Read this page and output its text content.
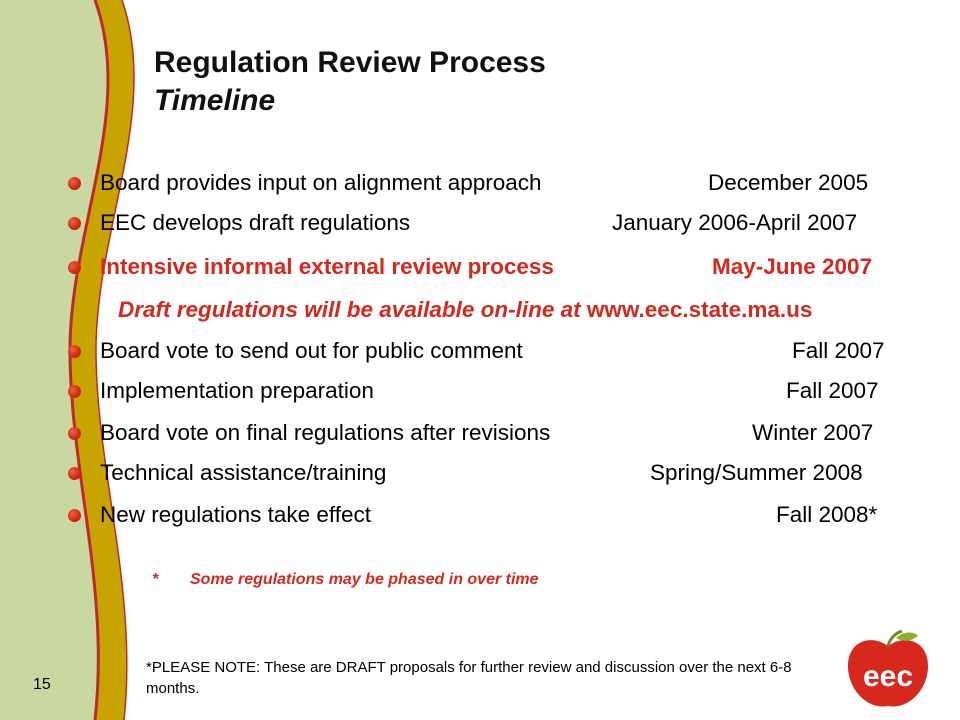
Regulation Review Process
Timeline
Board provides input on alignment approach	December 2005
EEC develops draft regulations	January 2006-April 2007
Intensive informal external review process	May-June 2007
Draft regulations will be available on-line at www.eec.state.ma.us
Board vote to send out for public comment	Fall 2007
Implementation preparation	Fall 2007
Board vote on final regulations after revisions	Winter 2007
Technical assistance/training	Spring/Summer 2008
New regulations take effect	Fall 2008*
* Some regulations may be phased in over time
*PLEASE NOTE: These are DRAFT proposals for further review and discussion over the next 6-8 months.
15	eec
